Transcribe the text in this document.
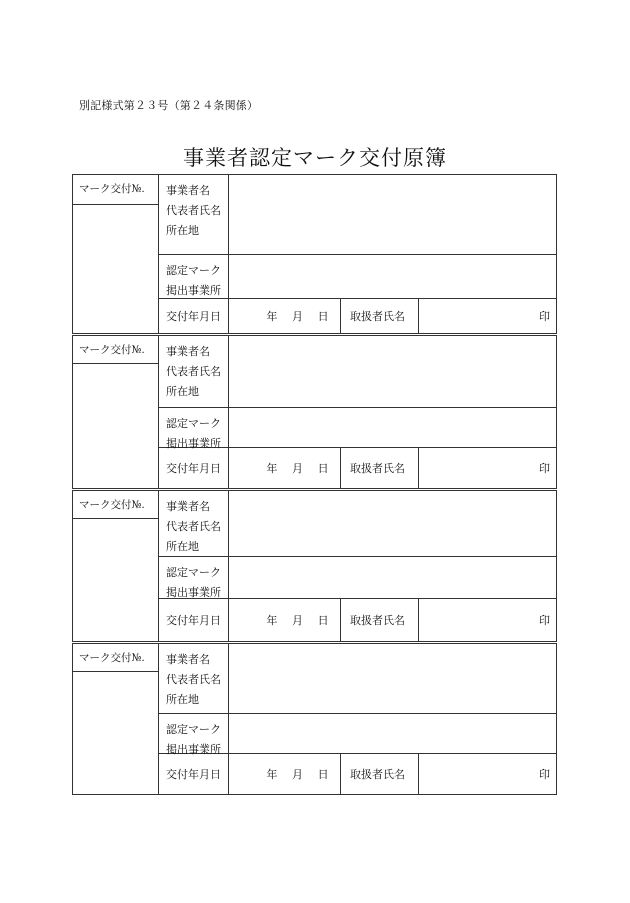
別記様式第２３号（第２４条関係）
事業者認定マーク交付原簿
マーク交付№.	事業者名
代表者氏名
所在地
認定マーク
掲出事業所
交付年月日	年 月 日	取扱者氏名	印
マーク交付№.	事業者名
代表者氏名
所在地
認定マーク
掲出事業所
交付年月日	年 月 日	取扱者氏名	印
マーク交付№.	事業者名
代表者氏名
所在地
認定マーク
掲出事業所
交付年月日	年 月 日	取扱者氏名	印
マーク交付№.	事業者名
代表者氏名
所在地
認定マーク
掲出事業所
交付年月日	年 月 日	取扱者氏名	印
